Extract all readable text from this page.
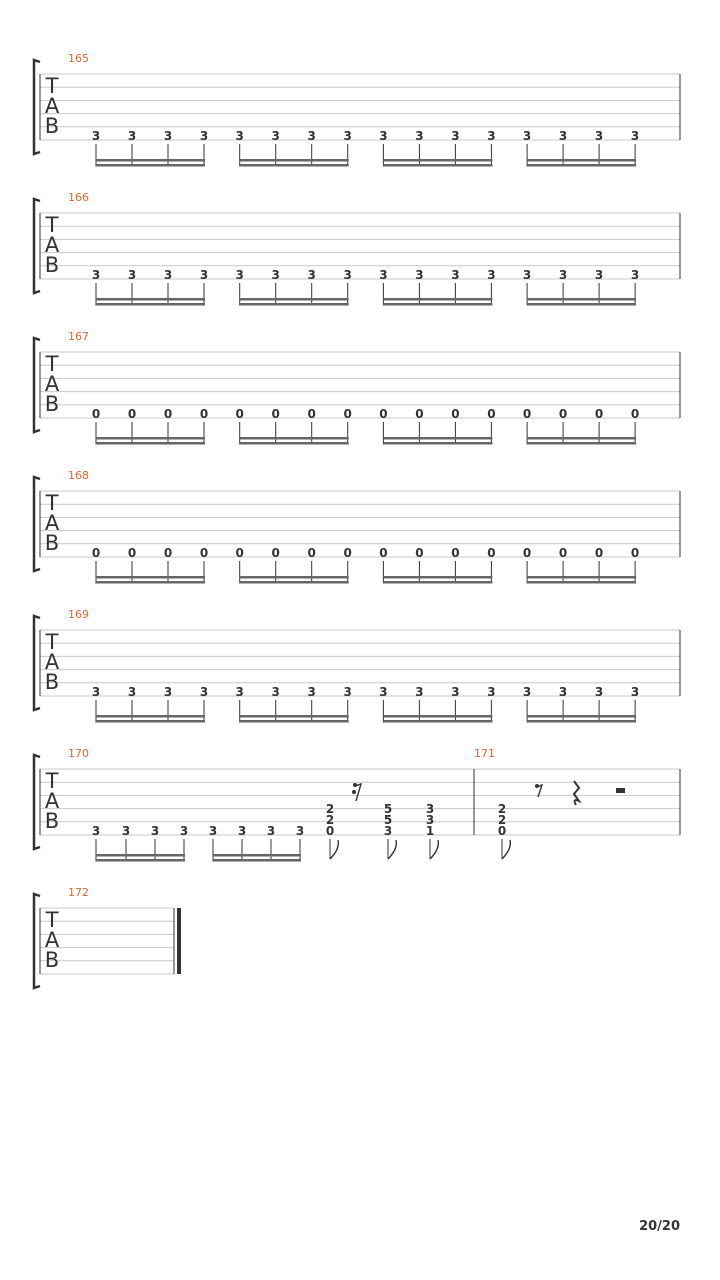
T
A
B
165
3 3 3 3 3 3 3 3 3 3 3 3 3 3 3 3
T
A
B
166
3 3 3 3 3 3 3 3 3 3 3 3 3 3 3 3
T
A
B
167
0 0 0 0 0 0 0 0 0 0 0 0 0 0 0 0
T
A
B
168
0 0 0 0 0 0 0 0 0 0 0 0 0 0 0 0
T
A
B
169
3 3 3 3 3 3 3 3 3 3 3 3 3 3 3 3
T
A
B
170
3 3 3 3 3 3 3 3
2
2
0
5
5
3
3
3
1
171
2
2
0
T
A
B
172
20/20
